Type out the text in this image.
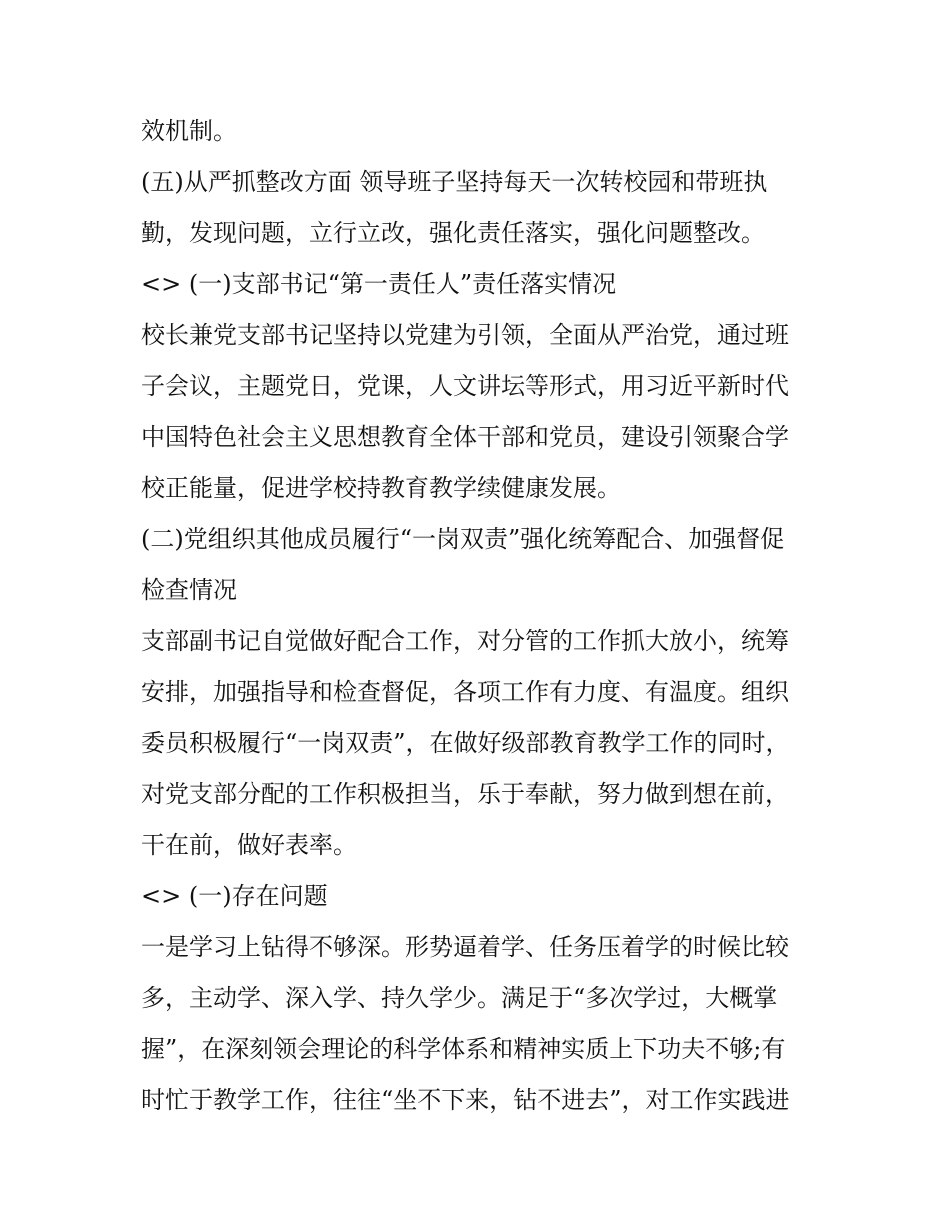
效机制。
(五)从严抓整改方面 领导班子坚持每天一次转校园和带班执
勤，发现问题，立行立改，强化责任落实，强化问题整改。
<> (一)支部书记“第一责任人”责任落实情况
校长兼党支部书记坚持以党建为引领，全面从严治党，通过班
子会议，主题党日，党课，人文讲坛等形式，用习近平新时代
中国特色社会主义思想教育全体干部和党员，建设引领聚合学
校正能量，促进学校持教育教学续健康发展。
(二)党组织其他成员履行“一岗双责”强化统筹配合、加强督促
检查情况
支部副书记自觉做好配合工作，对分管的工作抓大放小，统筹
安排，加强指导和检查督促，各项工作有力度、有温度。组织
委员积极履行“一岗双责”，在做好级部教育教学工作的同时，
对党支部分配的工作积极担当，乐于奉献，努力做到想在前，
干在前，做好表率。
<> (一)存在问题
一是学习上钻得不够深。形势逼着学、任务压着学的时候比较
多，主动学、深入学、持久学少。满足于“多次学过，大概掌
握”，在深刻领会理论的科学体系和精神实质上下功夫不够;有
时忙于教学工作，往往“坐不下来，钻不进去”，对工作实践进
